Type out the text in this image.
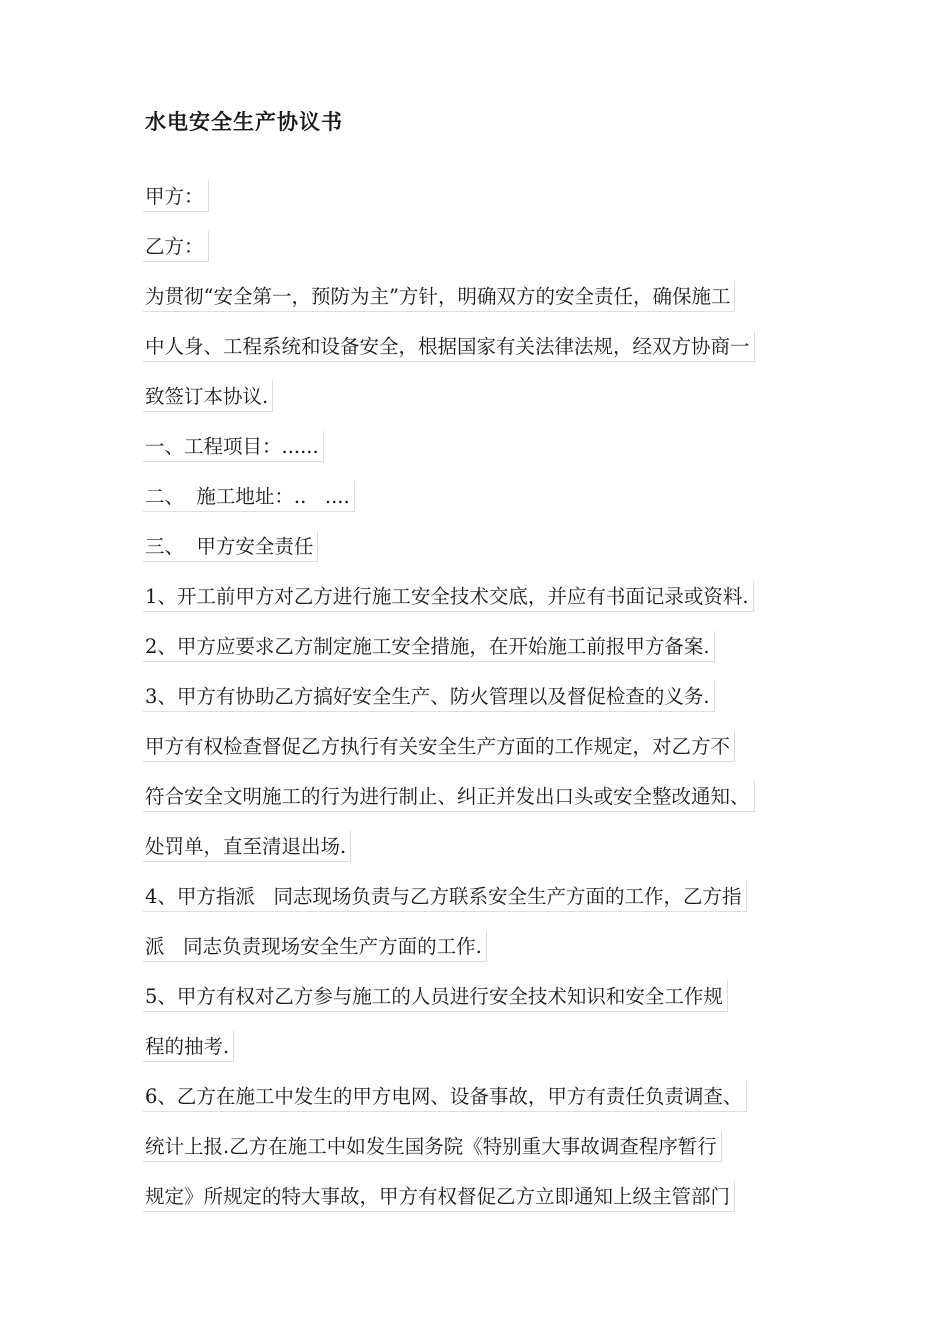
水电安全生产协议书
甲方：
乙方：
为贯彻“安全第一，预防为主”方针，明确双方的安全责任，确保施工
中人身、工程系统和设备安全，根据国家有关法律法规，经双方协商一
致签订本协议.
一、工程项目：......
二、  施工地址：..   ....
三、  甲方安全责任
1、开工前甲方对乙方进行施工安全技术交底，并应有书面记录或资料.
2、甲方应要求乙方制定施工安全措施，在开始施工前报甲方备案.
3、甲方有协助乙方搞好安全生产、防火管理以及督促检查的义务.
甲方有权检查督促乙方执行有关安全生产方面的工作规定，对乙方不
符合安全文明施工的行为进行制止、纠正并发出口头或安全整改通知、
处罚单，直至清退出场.
4、甲方指派   同志现场负责与乙方联系安全生产方面的工作，乙方指
派   同志负责现场安全生产方面的工作.
5、甲方有权对乙方参与施工的人员进行安全技术知识和安全工作规
程的抽考.
6、乙方在施工中发生的甲方电网、设备事故，甲方有责任负责调查、
统计上报.乙方在施工中如发生国务院《特别重大事故调查程序暂行
规定》所规定的特大事故，甲方有权督促乙方立即通知上级主管部门
